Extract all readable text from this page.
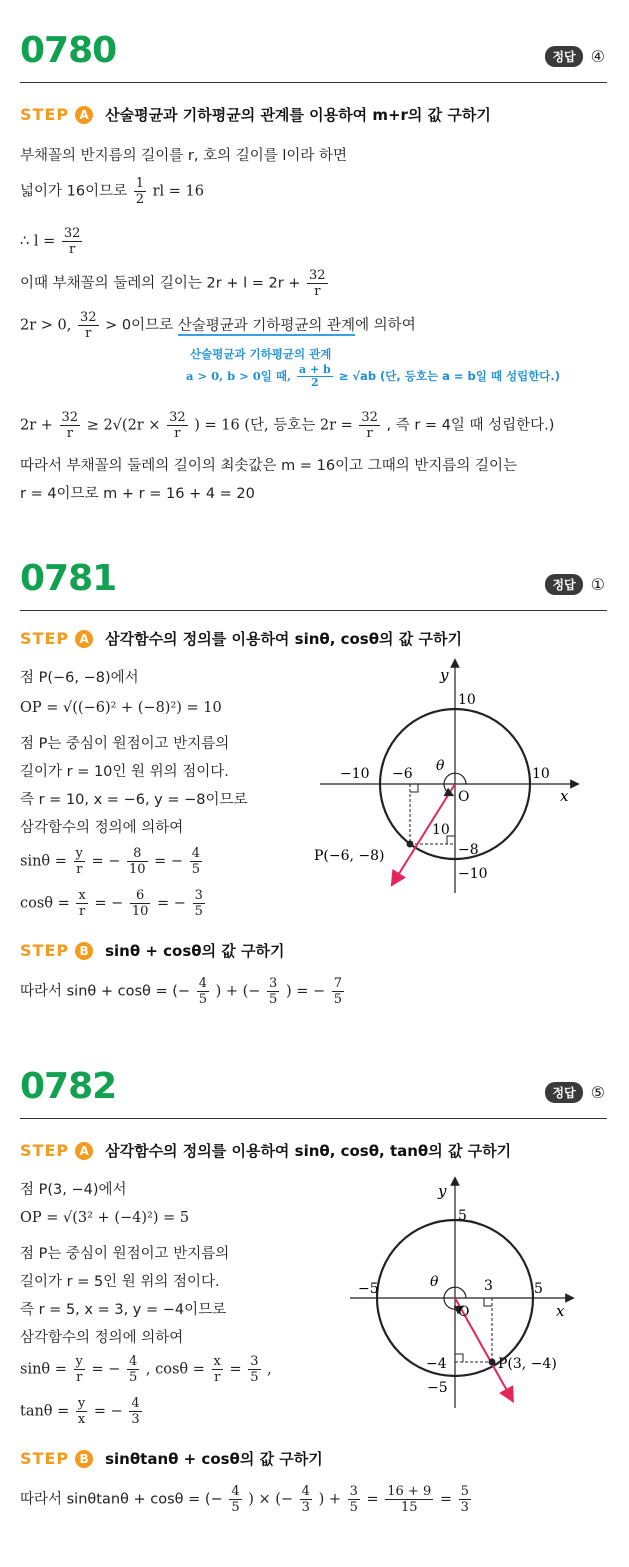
0780	정답 ④
STEP A 산술평균과 기하평균의 관계를 이용하여 m+r의 값 구하기
부채꼴의 반지름의 길이를 r, 호의 길이를 l이라 하면
넓이가 16이므로 $\frac{1}{2}$ rl = 16
∴ $l = \frac{32}{r}$
이때 부채꼴의 둘레의 길이는 $2r + l = 2r + \frac{32}{r}$
2r > 0, $\frac{32}{r} > 0$이므로 산술평균과 기하평균의 관계에 의하여
산술평균과 기하평균의 관계
a > 0, b > 0일 때, $\frac{a + b}{2} \ge √ab$ (단, 등호는 a = b일 때 성립한다.)
$2r + \frac{32}{r} \ge 2√(2r \times \frac{32}{r}$ ) = 16 (단, 등호는 $2r = \frac{32}{r}$ , 즉 r = 4일 때 성립한다.)
따라서 부채꼴의 둘레의 길이의 최솟값은 m = 16이고 그때의 반지름의 길이는
r = 4이므로 m + r = 16 + 4 = 20
0781	정답 ①
STEP A 삼각함수의 정의를 이용하여 sinθ, cosθ의 값 구하기
점 P(−6, −8)에서
OP = √((−6)² + (−8)²) = 10
점 P는 중심이 원점이고 반지름의
길이가 r = 10인 원 위의 점이다.
즉 r = 10, x = −6, y = −8이므로
삼각함수의 정의에 의하여
$\sin\theta = \frac{y}{r}$ = − $\frac{8}{10}$ = − $\frac{4}{5}$
$\cos\theta = \frac{x}{r}$ = − $\frac{6}{10}$ = − $\frac{3}{5}$
STEP B sinθ + cosθ의 값 구하기
따라서 sinθ + cosθ = (− $\frac{4}{5}$ ) + (− $\frac{3}{5}$ ) = − $\frac{7}{5}$
y
x
O
θ
10
−10	10
−10
−6
−8
10
P(−6, −8)
0782	정답 ⑤
STEP A 삼각함수의 정의를 이용하여 sinθ, cosθ, tanθ의 값 구하기
점 P(3, −4)에서
OP = √(3² + (−4)²) = 5
점 P는 중심이 원점이고 반지름의
길이가 r = 5인 원 위의 점이다.
즉 r = 5, x = 3, y = −4이므로
삼각함수의 정의에 의하여
$\sin\theta = \frac{y}{r}$ = − $\frac{4}{5}$ , $\cos\theta = \frac{x}{r} = \frac{3}{5}$ ,
$\tan\theta = \frac{y}{x}$ = − $\frac{4}{3}$
STEP B sinθtanθ + cosθ의 값 구하기
따라서 sinθtanθ + cosθ = (− $\frac{4}{5}$ ) × (− $\frac{4}{3}$ ) + $\frac{3}{5} = \frac{16 + 9}{15} = \frac{5}{3}$
y
x
O
θ
5
−5	5
−5
3
−4	P(3, −4)
